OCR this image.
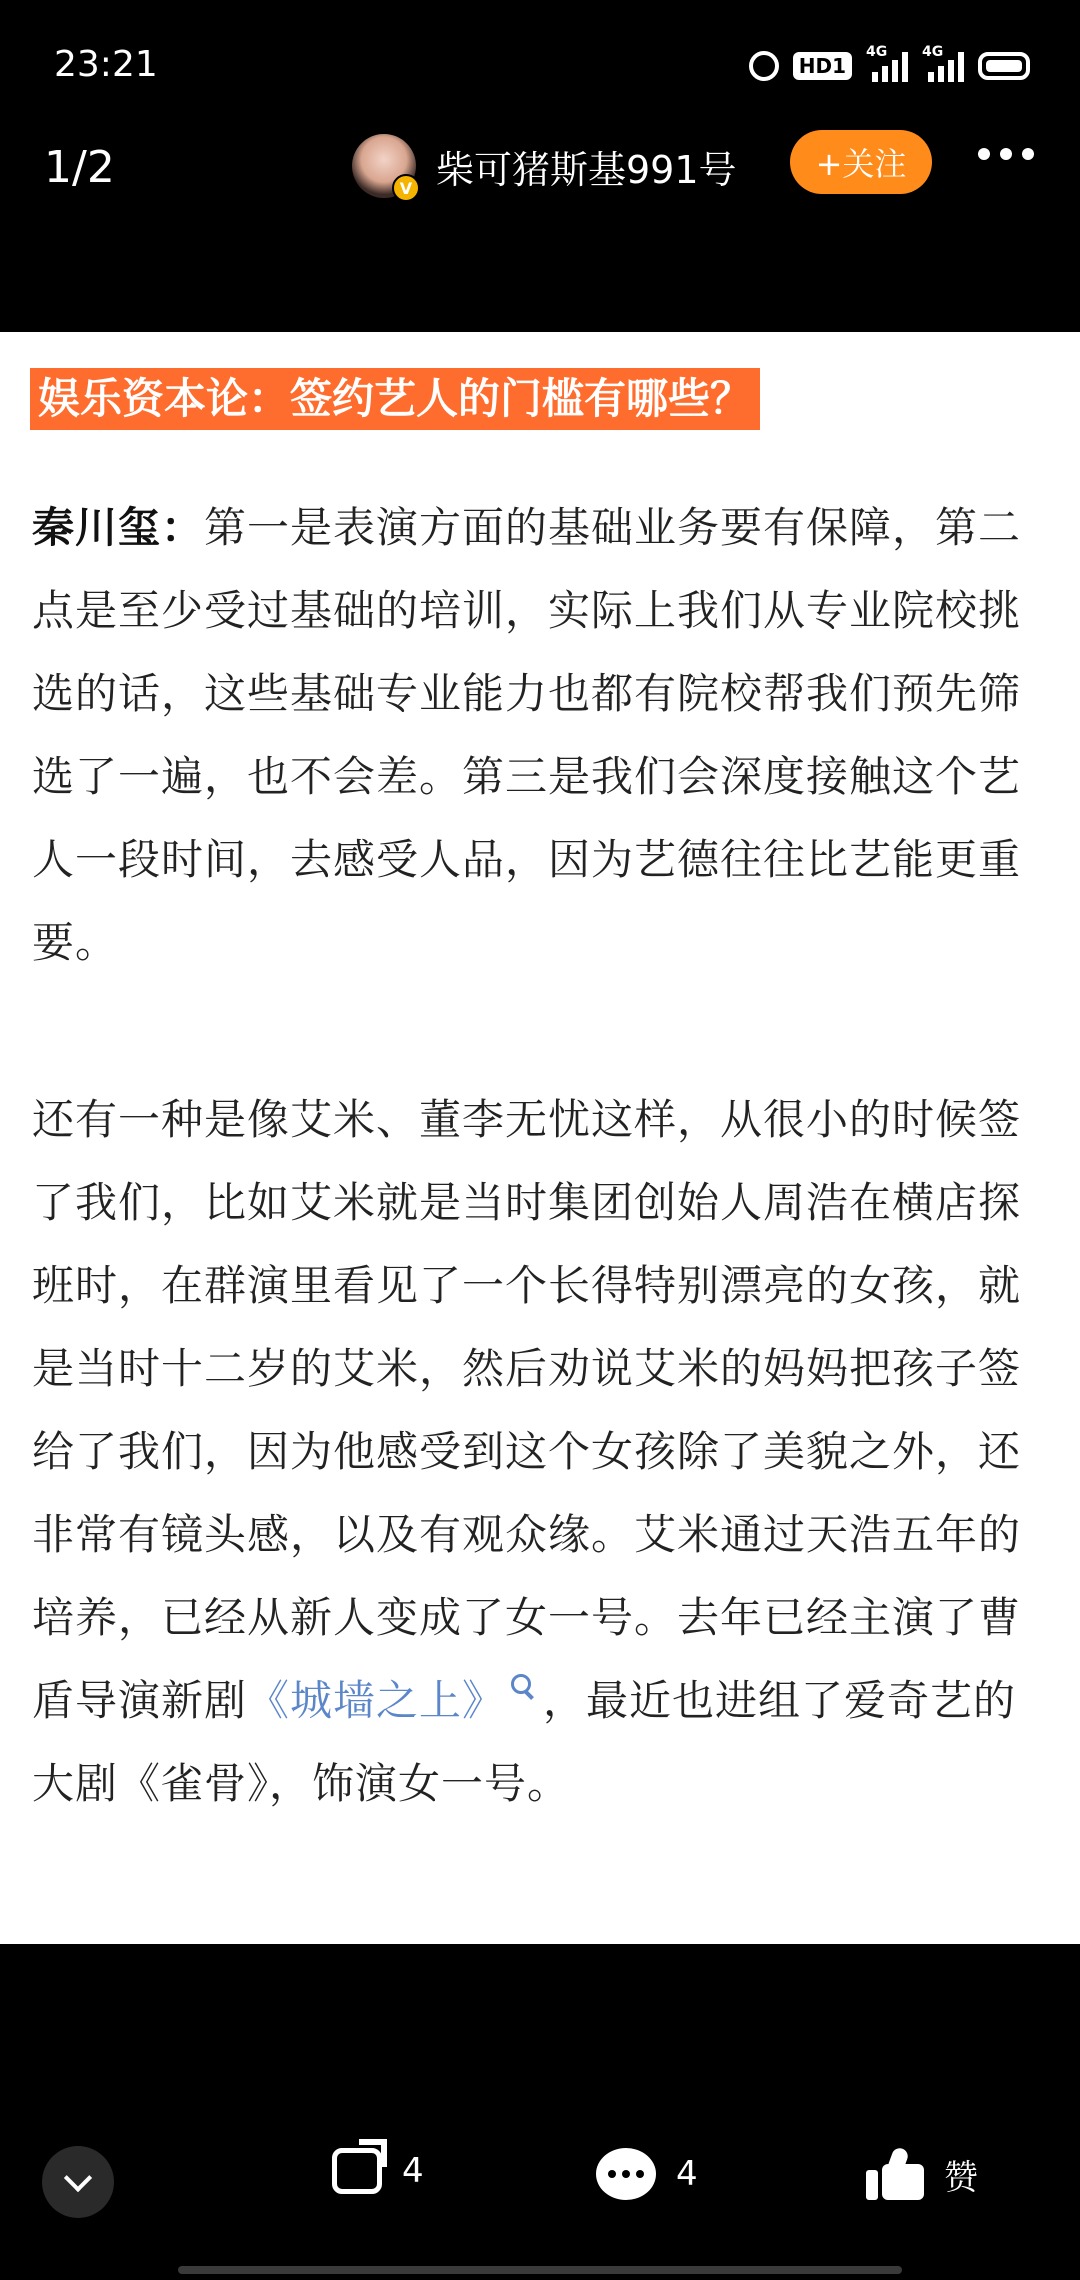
23:21	HD1
4G 4G
1/2	V 柴可猪斯基991号	+关注
娱乐资本论：签约艺人的门槛有哪些？

秦川玺：第一是表演方面的基础业务要有保障，第二点是至少受过基础的培训，实际上我们从专业院校挑选的话，这些基础专业能力也都有院校帮我们预先筛选了一遍，也不会差。第三是我们会深度接触这个艺人一段时间，去感受人品，因为艺德往往比艺能更重要。

还有一种是像艾米、董李无忧这样，从很小的时候签了我们，比如艾米就是当时集团创始人周浩在横店探班时，在群演里看见了一个长得特别漂亮的女孩，就是当时十二岁的艾米，然后劝说艾米的妈妈把孩子签给了我们，因为他感受到这个女孩除了美貌之外，还非常有镜头感，以及有观众缘。艾米通过天浩五年的培养，已经从新人变成了女一号。去年已经主演了曹盾导演新剧《城墙之上》 ，最近也进组了爱奇艺的大剧《雀骨》，饰演女一号。

4	4	赞
